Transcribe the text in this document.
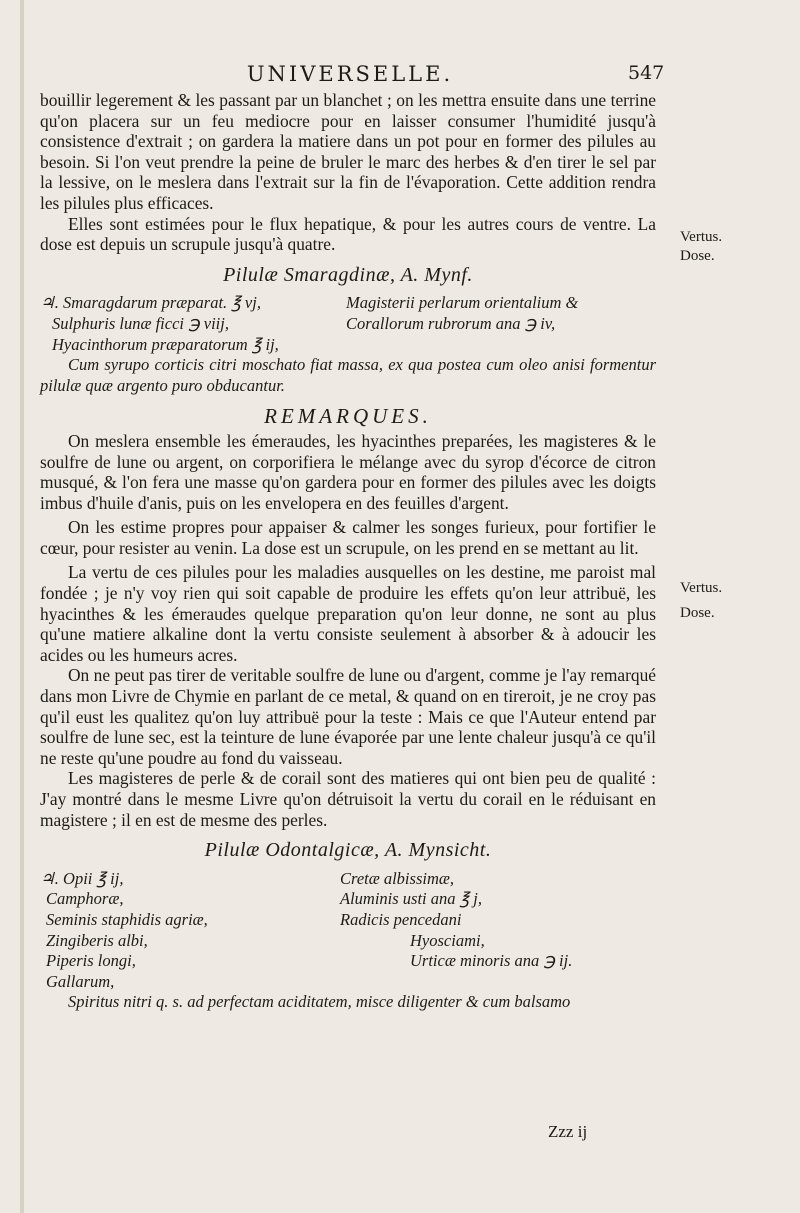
UNIVERSELLE.	547

bouillir legerement & les passant par un blanchet ; on les mettra ensuite dans une terrine qu'on placera sur un feu mediocre pour en laisser consumer l'humidité jusqu'à consistence d'extrait ; on gardera la matiere dans un pot pour en former des pilules au besoin. Si l'on veut prendre la peine de bruler le marc des herbes & d'en tirer le sel par la lessive, on le meslera dans l'extrait sur la fin de l'évaporation. Cette addition rendra les pilules plus efficaces.

Elles sont estimées pour le flux hepatique, & pour les autres cours de ventre. La dose est depuis un scrupule jusqu'à quatre.

Pilulæ Smaragdinæ, A. Mynf.
♃. Smaragdarum præparat. ℥ vj,	Magisterii perlarum orientalium &
Sulphuris lunæ ficci ℈ viij,	Corallorum rubrorum ana ℈ iv,
Hyacinthorum præparatorum ℥ ij,

Cum syrupo corticis citri moschato fiat massa, ex qua postea cum oleo anisi formentur pilulæ quæ argento puro obducantur.

REMARQUES.

On meslera ensemble les émeraudes, les hyacinthes preparées, les magisteres & le soulfre de lune ou argent, on corporifiera le mélange avec du syrop d'écorce de citron musqué, & l'on fera une masse qu'on gardera pour en former des pilules avec les doigts imbus d'huile d'anis, puis on les envelopera en des feuilles d'argent.

On les estime propres pour appaiser & calmer les songes furieux, pour fortifier le cœur, pour resister au venin. La dose est un scrupule, on les prend en se mettant au lit.

La vertu de ces pilules pour les maladies ausquelles on les destine, me paroist mal fondée ; je n'y voy rien qui soit capable de produire les effets qu'on leur attribuë, les hyacinthes & les émeraudes quelque preparation qu'on leur donne, ne sont au plus qu'une matiere alkaline dont la vertu consiste seulement à absorber & à adoucir les acides ou les humeurs acres.

On ne peut pas tirer de veritable soulfre de lune ou d'argent, comme je l'ay remarqué dans mon Livre de Chymie en parlant de ce metal, & quand on en tireroit, je ne croy pas qu'il eust les qualitez qu'on luy attribuë pour la teste : Mais ce que l'Auteur entend par soulfre de lune sec, est la teinture de lune évaporée par une lente chaleur jusqu'à ce qu'il ne reste qu'une poudre au fond du vaisseau.

Les magisteres de perle & de corail sont des matieres qui ont bien peu de qualité : J'ay montré dans le mesme Livre qu'on détruisoit la vertu du corail en le réduisant en magistere ; il en est de mesme des perles.

Pilulæ Odontalgicæ, A. Mynsicht.
♃. Opii ℥ ij,	Cretæ albissimæ,
Camphoræ,	Aluminis usti ana ℥ j,
Seminis staphidis agriæ,	Radicis pencedani
Zingiberis albi,	Hyosciami,
Piperis longi,	Urticæ minoris ana ℈ ij.
Gallarum,

Spiritus nitri q. s. ad perfectam aciditatem, misce diligenter & cum balsamo

Vertus.
Dose.
Vertus.
Dose.
Zzz ij
